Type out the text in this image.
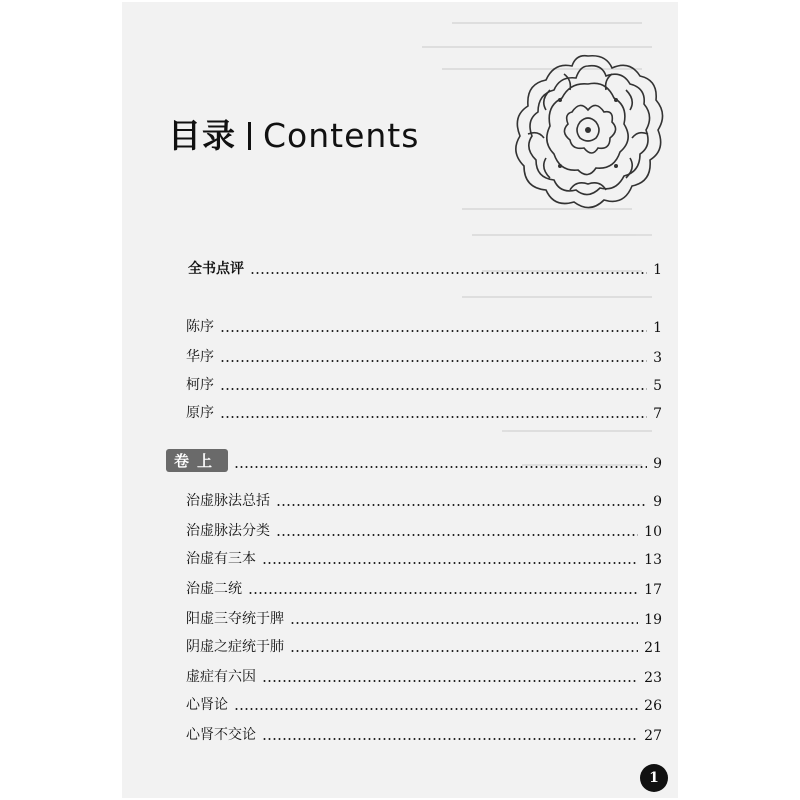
目录 Contents
全书点评	1
陈序	1
华序	3
柯序	5
原序	7
卷上	9
治虚脉法总括	9
治虚脉法分类	10
治虚有三本	13
治虚二统	17
阳虚三夺统于脾	19
阴虚之症统于肺	21
虚症有六因	23
心肾论	26
心肾不交论	27
1
